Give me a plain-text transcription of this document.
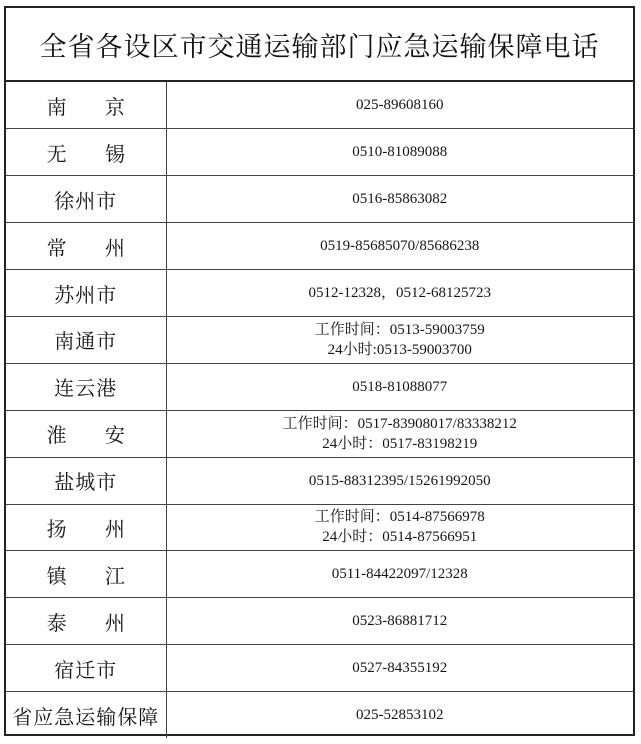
全省各设区市交通运输部门应急运输保障电话
南 京	025-89608160

无 锡	0510-81089088

徐州市	0516-85863082

常 州	0519-85685070/85686238

苏州市	0512-12328，0512-68125723

南通市	工作时间：0513-59003759
24小时:0513-59003700

连云港	0518-81088077

淮 安	工作时间：0517-83908017/83338212
24小时：0517-83198219

盐城市	0515-88312395/15261992050

扬 州	工作时间：0514-87566978
24小时：0514-87566951

镇 江	0511-84422097/12328

泰 州	0523-86881712

宿迁市	0527-84355192

省应急运输保障	025-52853102
